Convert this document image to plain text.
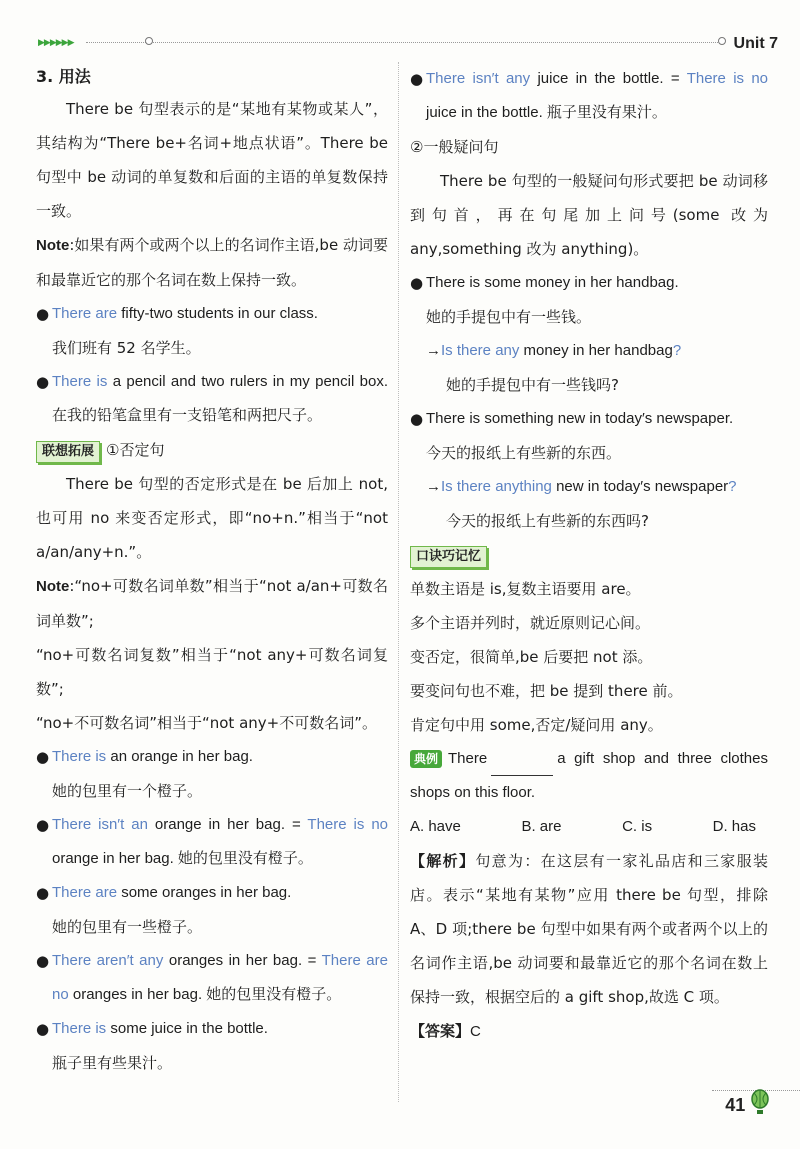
▶▶▶▶▶▶	Unit 7

3. 用法

There be 句型表示的是“某地有某物或某人”，其结构为“There be+名词+地点状语”。There be 句型中 be 动词的单复数和后面的主语的单复数保持一致。

Note:如果有两个或两个以上的名词作主语,be 动词要和最靠近它的那个名词在数上保持一致。

● There are fifty-two students in our class.

我们班有 52 名学生。

● There is a pencil and two rulers in my pencil box.在我的铅笔盒里有一支铅笔和两把尺子。

联想拓展 ①否定句

There be 句型的否定形式是在 be 后加上 not,也可用 no 来变否定形式，即“no+n.”相当于“not a/an/any+n.”。

Note:“no+可数名词单数”相当于“not a/an+可数名词单数”;

“no+可数名词复数”相当于“not any+可数名词复数”;

“no+不可数名词”相当于“not any+不可数名词”。

● There is an orange in her bag.

她的包里有一个橙子。

● There isn′t an orange in her bag. = There is no orange in her bag. 她的包里没有橙子。

● There are some oranges in her bag.

她的包里有一些橙子。

● There aren′t any oranges in her bag. = There are no oranges in her bag. 她的包里没有橙子。

● There is some juice in the bottle.

瓶子里有些果汁。

● There isn′t any juice in the bottle. = There is no juice in the bottle. 瓶子里没有果汁。

②一般疑问句

There be 句型的一般疑问句形式要把 be 动词移到句首，再在句尾加上问号(some 改为 any,something 改为 anything)。

● There is some money in her handbag.

她的手提包中有一些钱。

→Is there any money in her handbag?

她的手提包中有一些钱吗?

● There is something new in today′s newspaper.

今天的报纸上有些新的东西。

→Is there anything new in today′s newspaper?

今天的报纸上有些新的东西吗?

口诀巧记忆

单数主语是 is,复数主语要用 are。

多个主语并列时，就近原则记心间。

变否定，很简单,be 后要把 not 添。

要变问句也不难，把 be 提到 there 前。

肯定句中用 some,否定/疑问用 any。

典例 There	a gift shop and three clothes shops on this floor.

A. have	B. are	C. is	D. has

【解析】句意为：在这层有一家礼品店和三家服装店。表示“某地有某物”应用 there be 句型，排除 A、D 项;there be 句型中如果有两个或者两个以上的名词作主语,be 动词要和最靠近它的那个名词在数上保持一致，根据空后的 a gift shop,故选 C 项。

【答案】C

41
